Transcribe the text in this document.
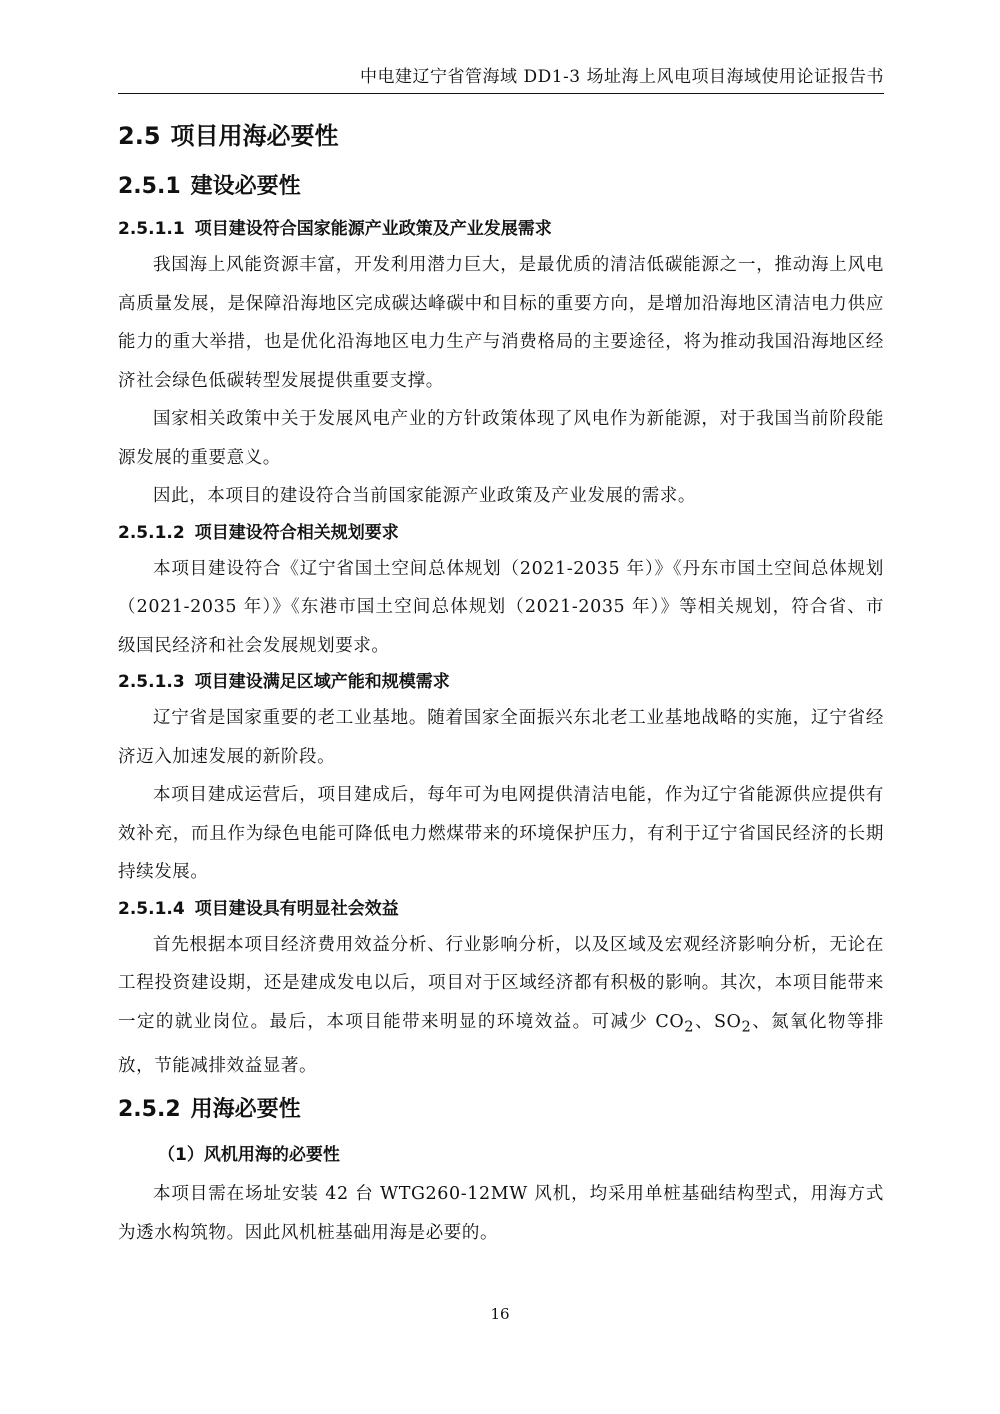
中电建辽宁省管海域 DD1-3 场址海上风电项目海域使用论证报告书
2.5 项目用海必要性
2.5.1 建设必要性
2.5.1.1 项目建设符合国家能源产业政策及产业发展需求

我国海上风能资源丰富，开发利用潜力巨大，是最优质的清洁低碳能源之一，推动海上风电高质量发展，是保障沿海地区完成碳达峰碳中和目标的重要方向，是增加沿海地区清洁电力供应能力的重大举措，也是优化沿海地区电力生产与消费格局的主要途径，将为推动我国沿海地区经济社会绿色低碳转型发展提供重要支撑。

国家相关政策中关于发展风电产业的方针政策体现了风电作为新能源，对于我国当前阶段能源发展的重要意义。

因此，本项目的建设符合当前国家能源产业政策及产业发展的需求。

2.5.1.2 项目建设符合相关规划要求

本项目建设符合《辽宁省国土空间总体规划（2021-2035 年）》《丹东市国土空间总体规划（2021-2035 年）》《东港市国土空间总体规划（2021-2035 年）》等相关规划，符合省、市级国民经济和社会发展规划要求。

2.5.1.3 项目建设满足区域产能和规模需求

辽宁省是国家重要的老工业基地。随着国家全面振兴东北老工业基地战略的实施，辽宁省经济迈入加速发展的新阶段。

本项目建成运营后，项目建成后，每年可为电网提供清洁电能，作为辽宁省能源供应提供有效补充，而且作为绿色电能可降低电力燃煤带来的环境保护压力，有利于辽宁省国民经济的长期持续发展。

2.5.1.4 项目建设具有明显社会效益

首先根据本项目经济费用效益分析、行业影响分析，以及区域及宏观经济影响分析，无论在工程投资建设期，还是建成发电以后，项目对于区域经济都有积极的影响。其次，本项目能带来一定的就业岗位。最后，本项目能带来明显的环境效益。可减少 $CO_2$、$SO_2$、氮氧化物等排放，节能减排效益显著。

2.5.2 用海必要性
（1）风机用海的必要性

本项目需在场址安装 42 台 WTG260-12MW 风机，均采用单桩基础结构型式，用海方式为透水构筑物。因此风机桩基础用海是必要的。

16
